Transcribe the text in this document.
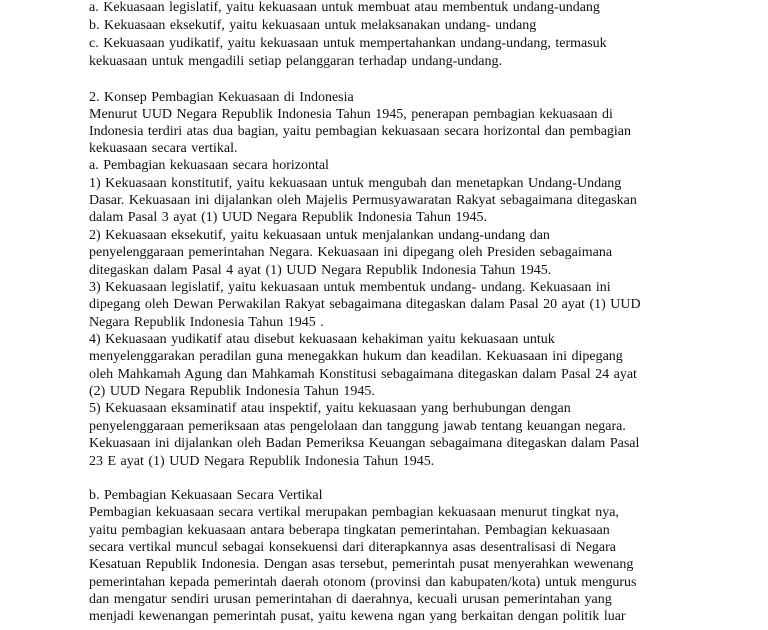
a. Kekuasaan legislatif, yaitu kekuasaan untuk membuat atau membentuk undang-undang
b. Kekuasaan eksekutif, yaitu kekuasaan untuk melaksanakan undang- undang
c. Kekuasaan yudikatif, yaitu kekuasaan untuk mempertahankan undang-undang, termasuk
kekuasaan untuk mengadili setiap pelanggaran terhadap undang-undang.
2. Konsep Pembagian Kekuasaan di Indonesia
Menurut UUD Negara Republik Indonesia Tahun 1945, penerapan pembagian kekuasaan di
Indonesia terdiri atas dua bagian, yaitu pembagian kekuasaan secara horizontal dan pembagian
kekuasaan secara vertikal.
a. Pembagian kekuasaan secara horizontal
1) Kekuasaan konstitutif, yaitu kekuasaan untuk mengubah dan menetapkan Undang-Undang
Dasar. Kekuasaan ini dijalankan oleh Majelis Permusyawaratan Rakyat sebagaimana ditegaskan
dalam Pasal 3 ayat (1) UUD Negara Republik Indonesia Tahun 1945.
2) Kekuasaan eksekutif, yaitu kekuasaan untuk menjalankan undang-undang dan
penyelenggaraan pemerintahan Negara. Kekuasaan ini dipegang oleh Presiden sebagaimana
ditegaskan dalam Pasal 4 ayat (1) UUD Negara Republik Indonesia Tahun 1945.
3) Kekuasaan legislatif, yaitu kekuasaan untuk membentuk undang- undang. Kekuasaan ini
dipegang oleh Dewan Perwakilan Rakyat sebagaimana ditegaskan dalam Pasal 20 ayat (1) UUD
Negara Republik Indonesia Tahun 1945 .
4) Kekuasaan yudikatif atau disebut kekuasaan kehakiman yaitu kekuasaan untuk
menyelenggarakan peradilan guna menegakkan hukum dan keadilan. Kekuasaan ini dipegang
oleh Mahkamah Agung dan Mahkamah Konstitusi sebagaimana ditegaskan dalam Pasal 24 ayat
(2) UUD Negara Republik Indonesia Tahun 1945.
5) Kekuasaan eksaminatif atau inspektif, yaitu kekuasaan yang berhubungan dengan
penyelenggaraan pemeriksaan atas pengelolaan dan tanggung jawab tentang keuangan negara.
Kekuasaan ini dijalankan oleh Badan Pemeriksa Keuangan sebagaimana ditegaskan dalam Pasal
23 E ayat (1) UUD Negara Republik Indonesia Tahun 1945.
b. Pembagian Kekuasaan Secara Vertikal
Pembagian kekuasaan secara vertikal merupakan pembagian kekuasaan menurut tingkat nya,
yaitu pembagian kekuasaan antara beberapa tingkatan pemerintahan. Pembagian kekuasaan
secara vertikal muncul sebagai konsekuensi dari diterapkannya asas desentralisasi di Negara
Kesatuan Republik Indonesia. Dengan asas tersebut, pemerintah pusat menyerahkan wewenang
pemerintahan kepada pemerintah daerah otonom (provinsi dan kabupaten/kota) untuk mengurus
dan mengatur sendiri urusan pemerintahan di daerahnya, kecuali urusan pemerintahan yang
menjadi kewenangan pemerintah pusat, yaitu kewena ngan yang berkaitan dengan politik luar
